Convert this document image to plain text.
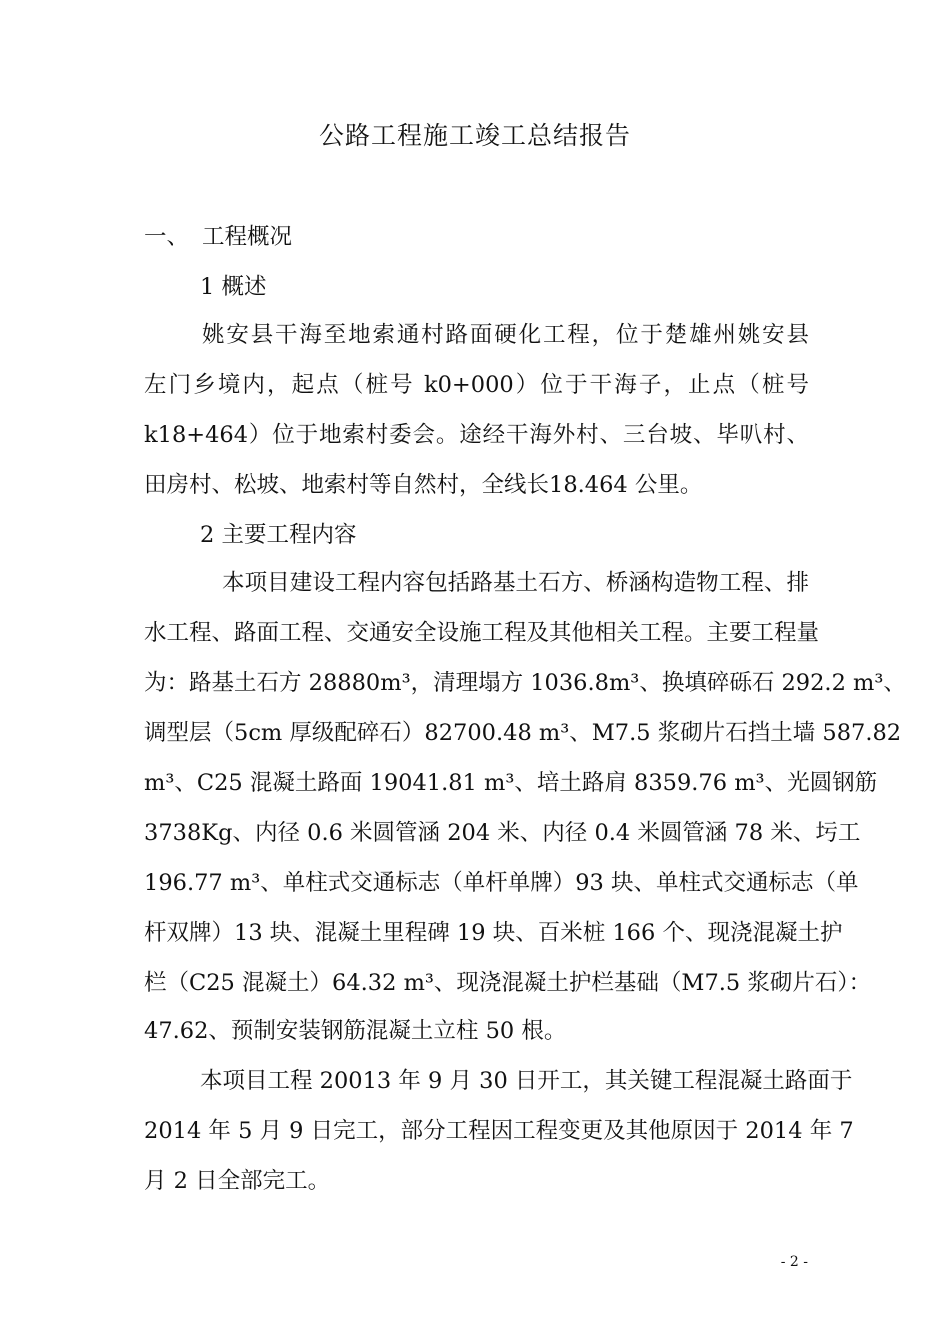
公路工程施工竣工总结报告
一、 工程概况
1 概述
姚安县干海至地索通村路面硬化工程，位于楚雄州姚安县
左门乡境内，起点（桩号 k0+000）位于干海子，止点（桩号
k18+464）位于地索村委会。途经干海外村、三台坡、毕叭村、
田房村、松坡、地索村等自然村，全线长18.464 公里。
2 主要工程内容
本项目建设工程内容包括路基土石方、桥涵构造物工程、排
水工程、路面工程、交通安全设施工程及其他相关工程。主要工程量
为：路基土石方 28880m³，清理塌方 1036.8m³、换填碎砾石 292.2 m³、
调型层（5cm 厚级配碎石）82700.48 m³、M7.5 浆砌片石挡土墙 587.82
m³、C25 混凝土路面 19041.81 m³、培土路肩 8359.76 m³、光圆钢筋
3738Kg、内径 0.6 米圆管涵 204 米、内径 0.4 米圆管涵 78 米、圬工
196.77 m³、单柱式交通标志（单杆单牌）93 块、单柱式交通标志（单
杆双牌）13 块、混凝土里程碑 19 块、百米桩 166 个、现浇混凝土护
栏（C25 混凝土）64.32 m³、现浇混凝土护栏基础（M7.5 浆砌片石）：
47.62、预制安装钢筋混凝土立柱 50 根。
本项目工程 20013 年 9 月 30 日开工，其关键工程混凝土路面于
2014 年 5 月 9 日完工，部分工程因工程变更及其他原因于 2014 年 7
月 2 日全部完工。
- 2 -
